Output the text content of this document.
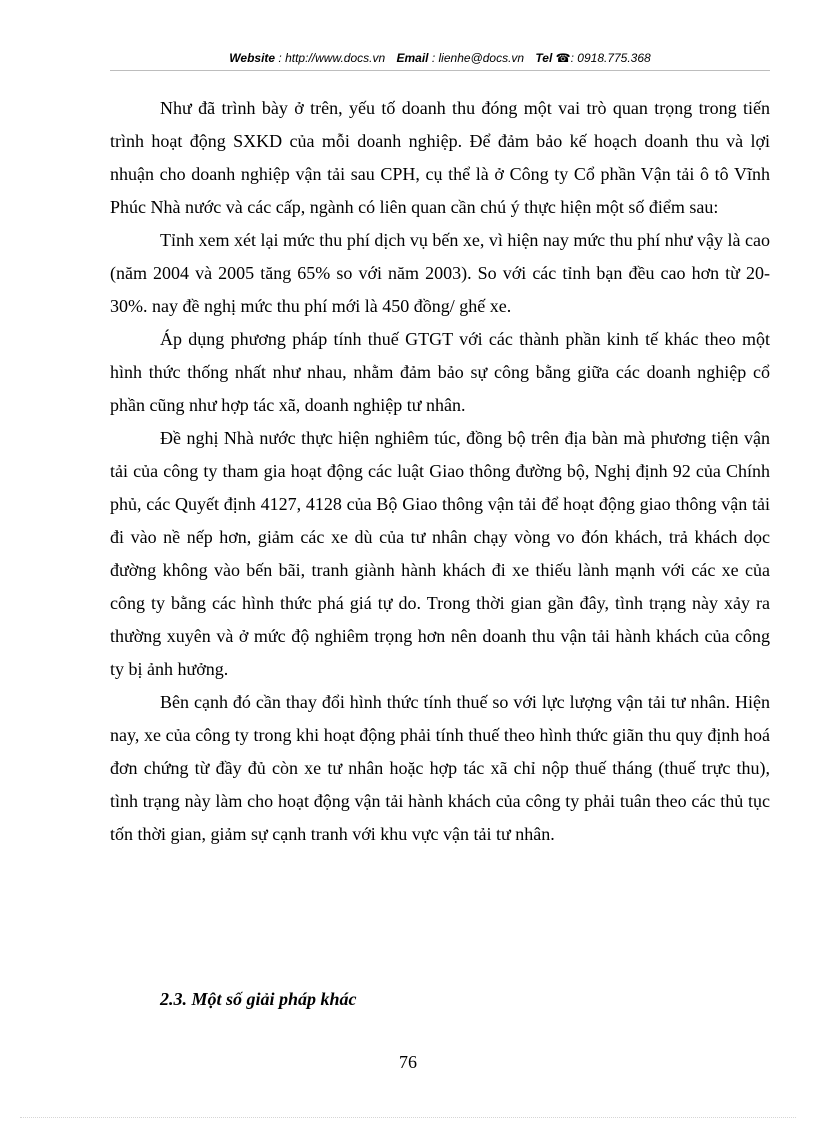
Website : http://www.docs.vn Email : lienhe@docs.vn Tel ☎: 0918.775.368

Như đã trình bày ở trên, yếu tố doanh thu đóng một vai trò quan trọng trong tiến trình hoạt động SXKD của mỗi doanh nghiệp. Để đảm bảo kế hoạch doanh thu và lợi nhuận cho doanh nghiệp vận tải sau CPH, cụ thể là ở Công ty Cổ phần Vận tải ô tô Vĩnh Phúc Nhà nước và các cấp, ngành có liên quan cần chú ý thực hiện một số điểm sau:

Tỉnh xem xét lại mức thu phí dịch vụ bến xe, vì hiện nay mức thu phí như vậy là cao (năm 2004 và 2005 tăng 65% so với năm 2003). So với các tỉnh bạn đều cao hơn từ 20- 30%. nay đề nghị mức thu phí mới là 450 đồng/ ghế xe.

Áp dụng phương pháp tính thuế GTGT với các thành phần kinh tế khác theo một hình thức thống nhất như nhau, nhằm đảm bảo sự công bằng giữa các doanh nghiệp cổ phần cũng như hợp tác xã, doanh nghiệp tư nhân.

Đề nghị Nhà nước thực hiện nghiêm túc, đồng bộ trên địa bàn mà phương tiện vận tải của công ty tham gia hoạt động các luật Giao thông đường bộ, Nghị định 92 của Chính phủ, các Quyết định 4127, 4128 của Bộ Giao thông vận tải để hoạt động giao thông vận tải đi vào nề nếp hơn, giảm các xe dù của tư nhân chạy vòng vo đón khách, trả khách dọc đường không vào bến bãi, tranh giành hành khách đi xe thiếu lành mạnh với các xe của công ty bằng các hình thức phá giá tự do. Trong thời gian gần đây, tình trạng này xảy ra thường xuyên và ở mức độ nghiêm trọng hơn nên doanh thu vận tải hành khách của công ty bị ảnh hưởng.

Bên cạnh đó cần thay đổi hình thức tính thuế so với lực lượng vận tải tư nhân. Hiện nay, xe của công ty trong khi hoạt động phải tính thuế theo hình thức giãn thu quy định hoá đơn chứng từ đầy đủ còn xe tư nhân hoặc hợp tác xã chỉ nộp thuế tháng (thuế trực thu), tình trạng này làm cho hoạt động vận tải hành khách của công ty phải tuân theo các thủ tục tốn thời gian, giảm sự cạnh tranh với khu vực vận tải tư nhân.

2.3. Một số giải pháp khác
76
